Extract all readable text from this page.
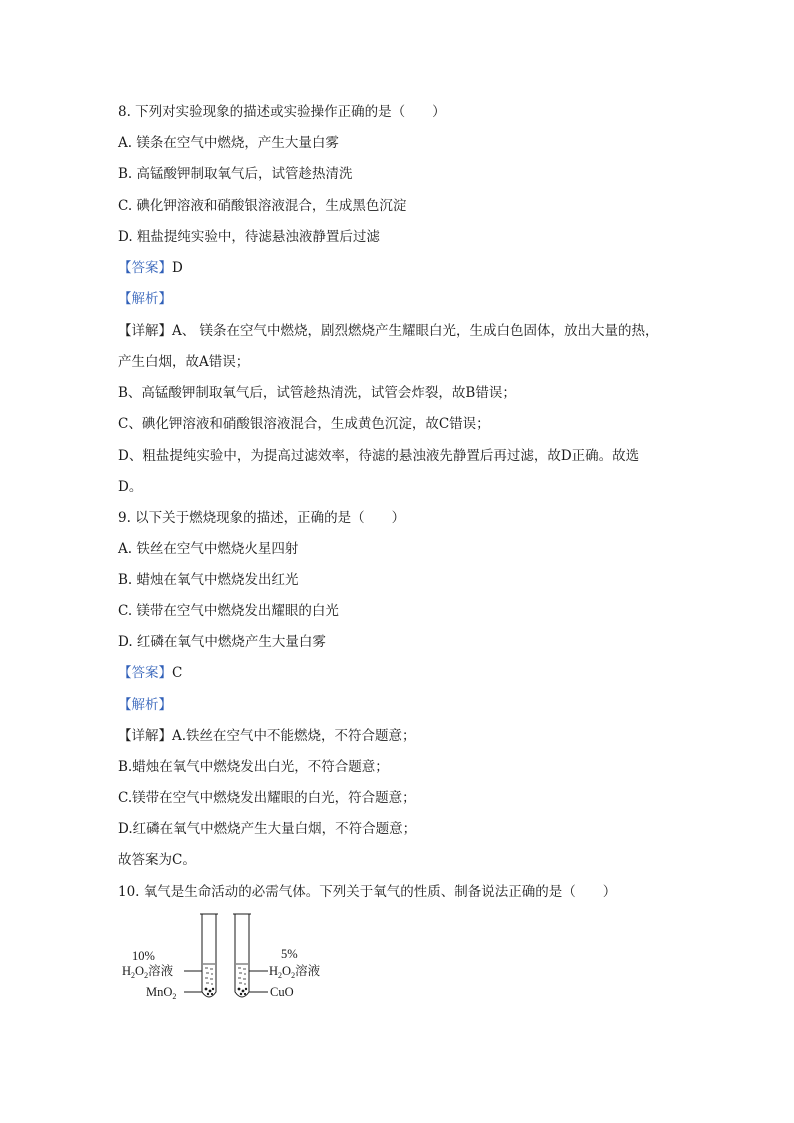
8. 下列对实验现象的描述或实验操作正确的是（　　）
A. 镁条在空气中燃烧，产生大量白雾
B. 高锰酸钾制取氧气后，试管趁热清洗
C. 碘化钾溶液和硝酸银溶液混合，生成黑色沉淀
D. 粗盐提纯实验中，待滤悬浊液静置后过滤
【答案】D
【解析】
【详解】A、 镁条在空气中燃烧，剧烈燃烧产生耀眼白光，生成白色固体，放出大量的热，
产生白烟，故A错误；
B、高锰酸钾制取氧气后，试管趁热清洗，试管会炸裂，故B错误；
C、碘化钾溶液和硝酸银溶液混合，生成黄色沉淀，故C错误；
D、粗盐提纯实验中，为提高过滤效率，待滤的悬浊液先静置后再过滤，故D正确。故选
D。
9. 以下关于燃烧现象的描述，正确的是（　　）
A. 铁丝在空气中燃烧火星四射
B. 蜡烛在氧气中燃烧发出红光
C. 镁带在空气中燃烧发出耀眼的白光
D. 红磷在氧气中燃烧产生大量白雾
【答案】C
【解析】
【详解】A.铁丝在空气中不能燃烧，不符合题意；
B.蜡烛在氧气中燃烧发出白光，不符合题意；
C.镁带在空气中燃烧发出耀眼的白光，符合题意；
D.红磷在氧气中燃烧产生大量白烟，不符合题意；
故答案为C。
10. 氧气是生命活动的必需气体。下列关于氧气的性质、制备说法正确的是（　　）
10%
$H_2O_2$溶液
MnO$_2$
5%
$H_2O_2$溶液
CuO
